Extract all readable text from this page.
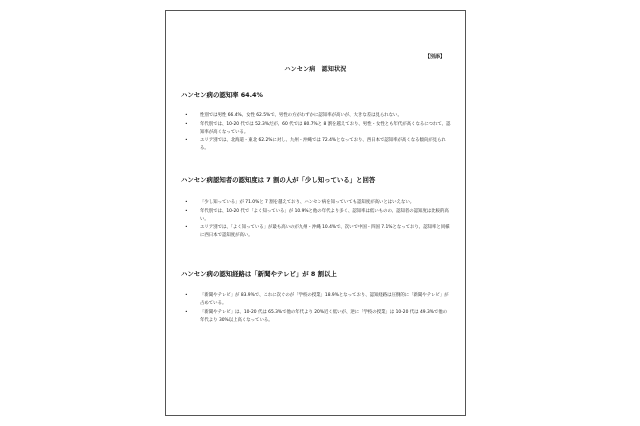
【別添】
ハンセン病　認知状況
ハンセン病の認知率 64.4%
•	性別では男性 66.4%、女性 62.5%で、男性の方がわずかに認知率が高いが、大きな差は見られない。
•	年代別では、10-20 代では 52.3%だが、60 代では 80.7%と 8 割を越えており、男性・女性とも年代が高くなるにつれて、認知率が高くなっている。
•	エリア別では、北海道・東北 62.2%に対し、九州・沖縄では 72.4%となっており、西日本で認知率が高くなる傾向が見られる。
ハンセン病認知者の認知度は 7 割の人が「少し知っている」と回答
•	「少し知っている」が 71.0%と 7 割を越えており、ハンセン病を知っていても認知度が高いとはいえない。
•	年代別では、10-20 代で「よく知っている」が 10.9%と他の年代より多く、認知率は低いものの、認知者の認知度は比較的高い。
•	エリア別では、「よく知っている」が最も高いのが九州・沖縄 10.4%で、次いで中国・四国 7.1%となっており、認知率と同様に西日本で認知度が高い。
ハンセン病の認知経路は「新聞やテレビ」が 8 割以上
•	「新聞やテレビ」が 83.9%で、これに次ぐのが「学校の授業」18.9%となっており、認知経路は圧倒的に「新聞やテレビ」が占めている。
•	「新聞やテレビ」は、10-20 代は 65.3%で他の年代より 20%近く低いが、逆に「学校の授業」は 10-20 代は 49.3%で他の年代より 30%以上高くなっている。
